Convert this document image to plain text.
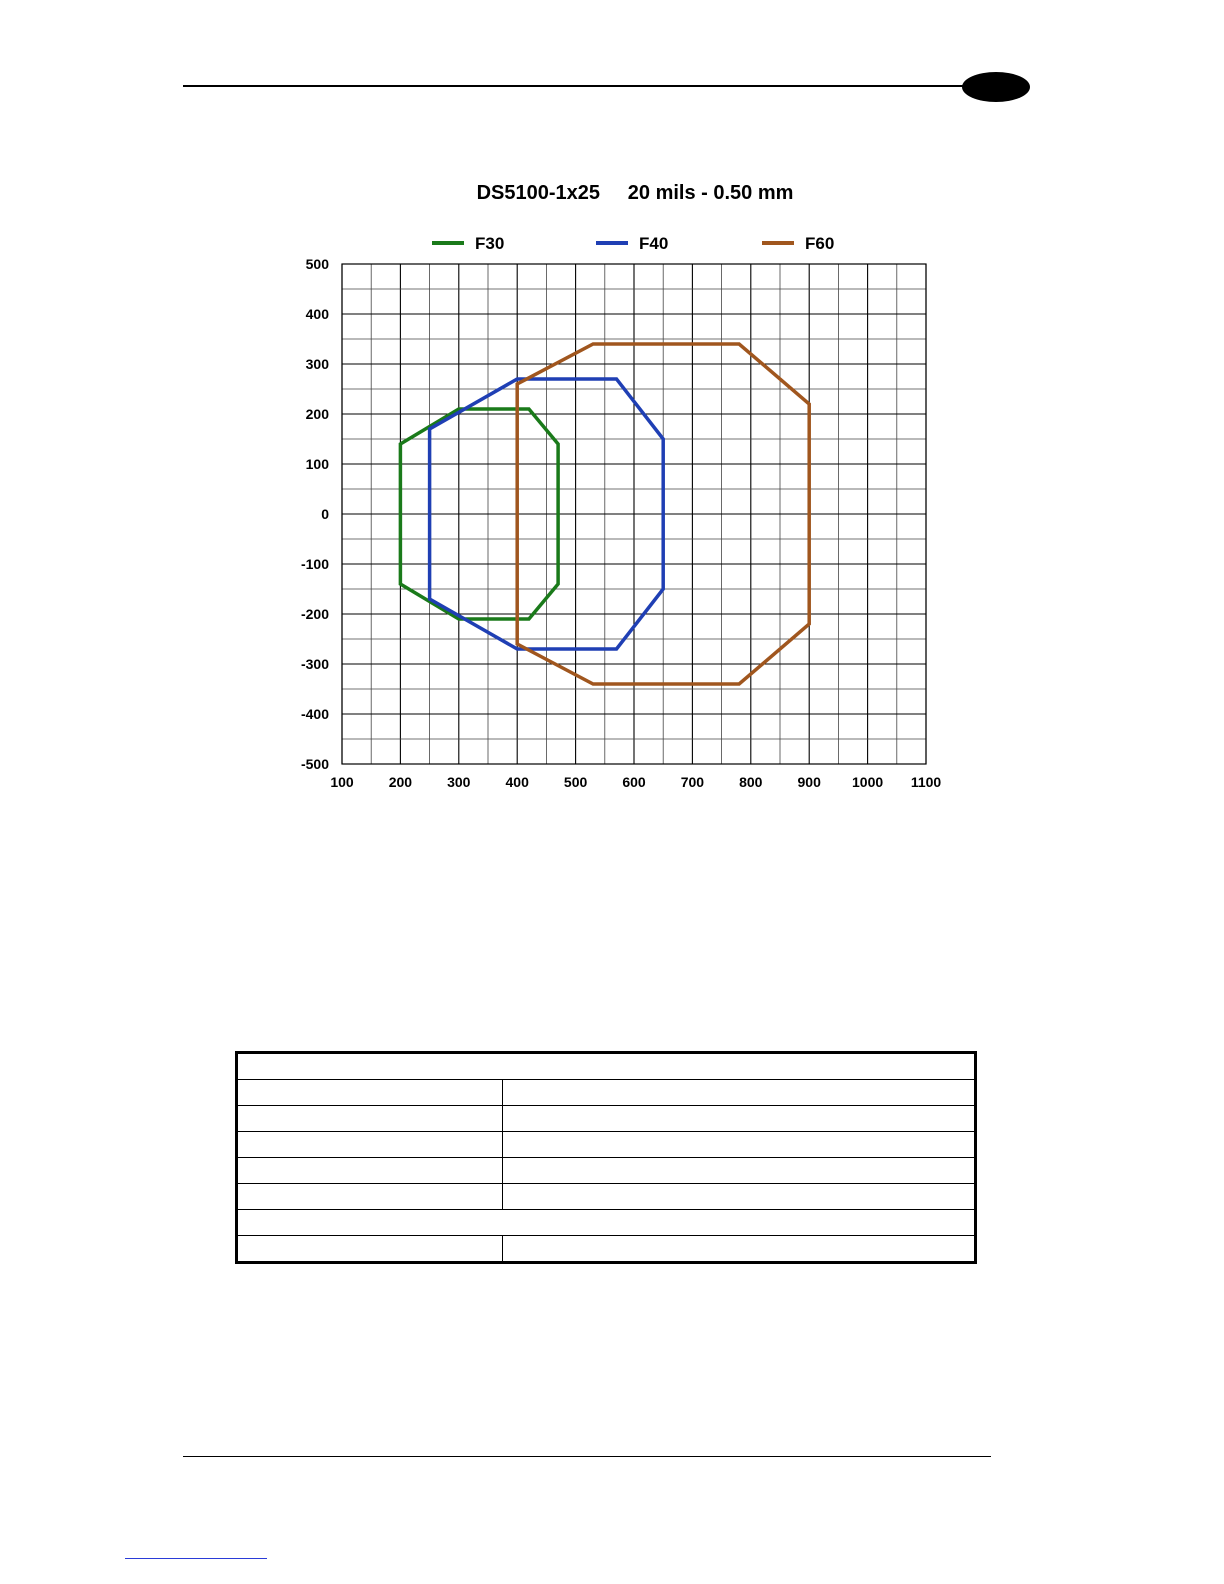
DS5100-1x25     20 mils - 0.50 mm
F30	F40	F60
100	200	300	400	500	600	700	800	900 1000 1100
500
400
300
200
100
0
-100
-200
-300
-400
-500
